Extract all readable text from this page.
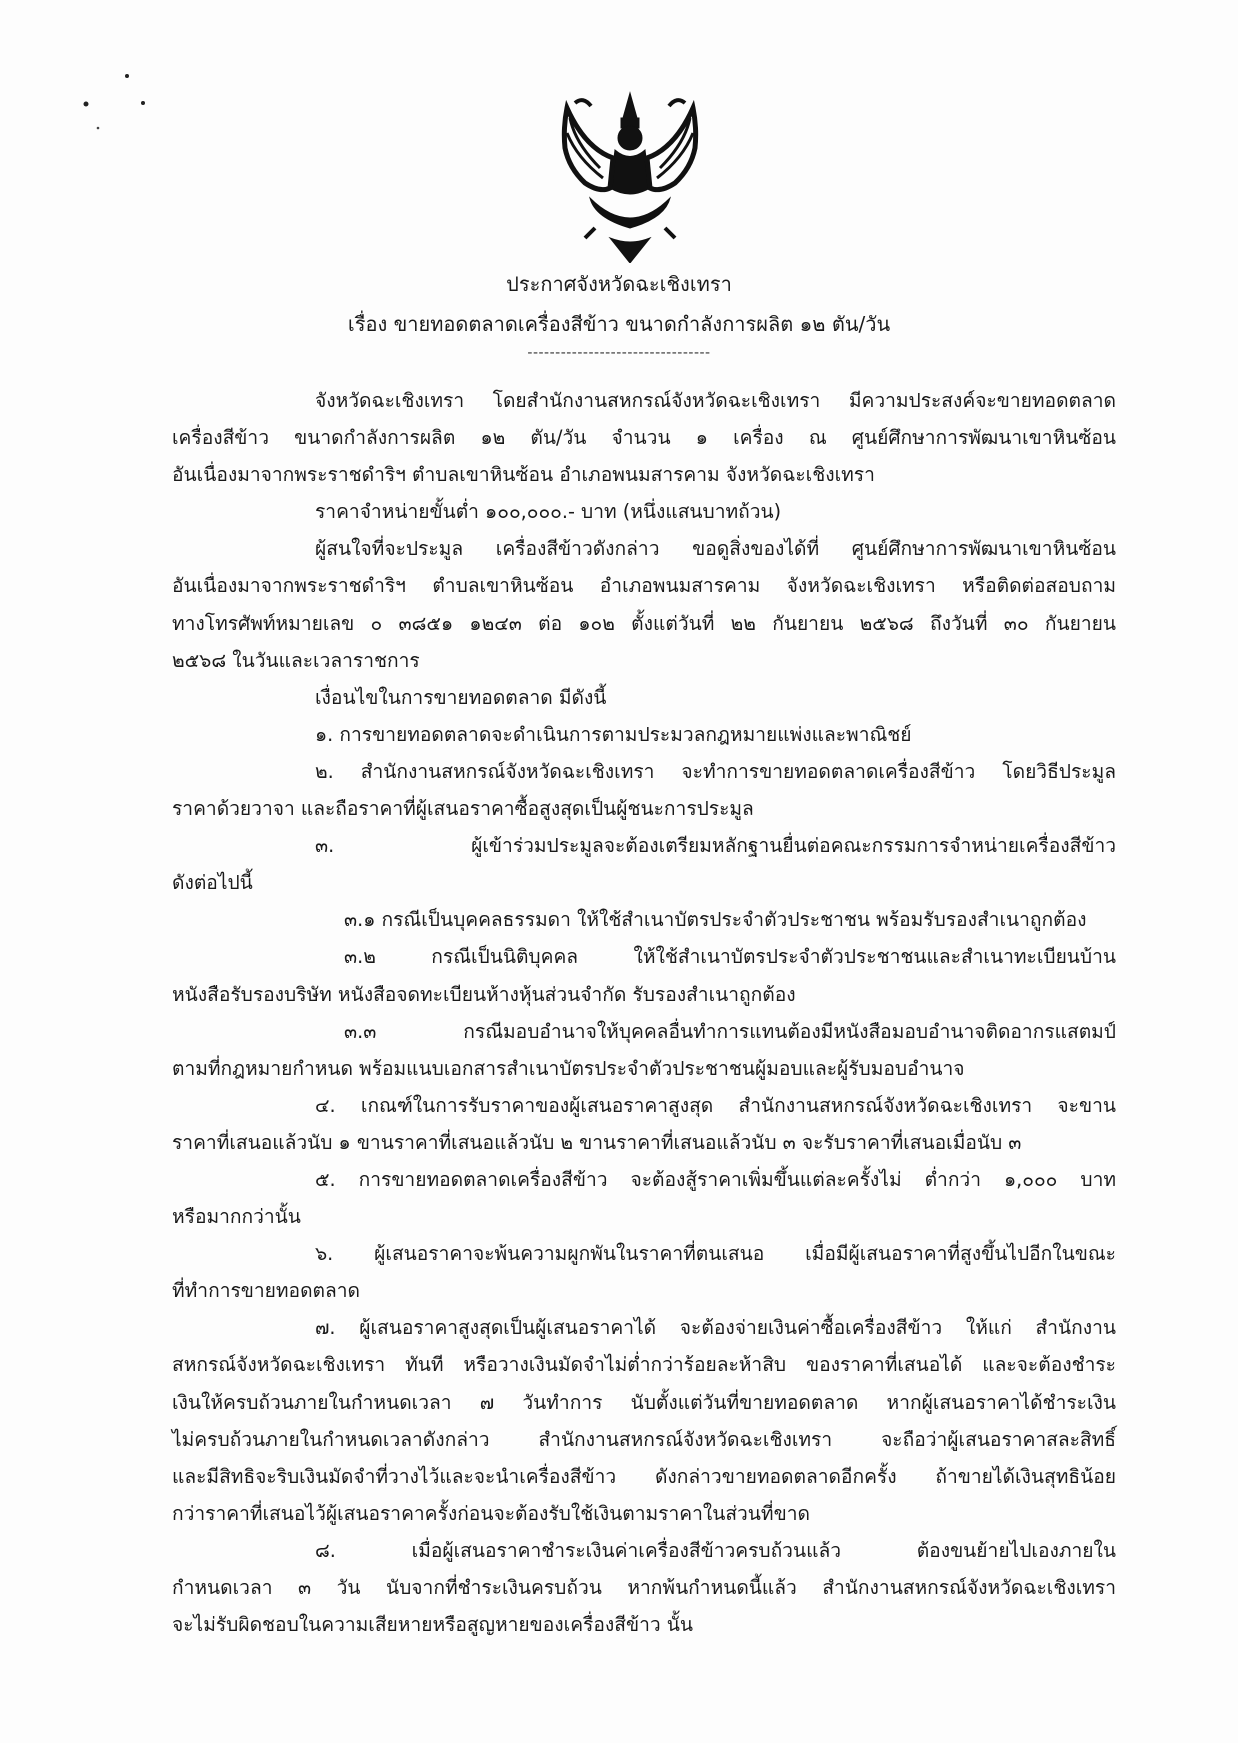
ประกาศจังหวัดฉะเชิงเทรา
เรื่อง ขายทอดตลาดเครื่องสีข้าว ขนาดกำลังการผลิต ๑๒ ตัน/วัน
---------------------------------
จังหวัดฉะเชิงเทรา โดยสำนักงานสหกรณ์จังหวัดฉะเชิงเทรา มีความประสงค์จะขายทอดตลาด
เครื่องสีข้าว ขนาดกำลังการผลิต ๑๒ ตัน/วัน จำนวน ๑ เครื่อง ณ ศูนย์ศึกษาการพัฒนาเขาหินซ้อน
อันเนื่องมาจากพระราชดำริฯ ตำบลเขาหินซ้อน อำเภอพนมสารคาม จังหวัดฉะเชิงเทรา
ราคาจำหน่ายขั้นต่ำ ๑๐๐,๐๐๐.- บาท (หนึ่งแสนบาทถ้วน)
ผู้สนใจที่จะประมูล เครื่องสีข้าวดังกล่าว ขอดูสิ่งของได้ที่ ศูนย์ศึกษาการพัฒนาเขาหินซ้อน
อันเนื่องมาจากพระราชดำริฯ ตำบลเขาหินซ้อน อำเภอพนมสารคาม จังหวัดฉะเชิงเทรา หรือติดต่อสอบถาม
ทางโทรศัพท์หมายเลข ๐ ๓๘๕๑ ๑๒๔๓ ต่อ ๑๐๒ ตั้งแต่วันที่ ๒๒ กันยายน ๒๕๖๘ ถึงวันที่ ๓๐ กันยายน
๒๕๖๘ ในวันและเวลาราชการ
เงื่อนไขในการขายทอดตลาด มีดังนี้
๑. การขายทอดตลาดจะดำเนินการตามประมวลกฎหมายแพ่งและพาณิชย์
๒. สำนักงานสหกรณ์จังหวัดฉะเชิงเทรา จะทำการขายทอดตลาดเครื่องสีข้าว โดยวิธีประมูล
ราคาด้วยวาจา และถือราคาที่ผู้เสนอราคาซื้อสูงสุดเป็นผู้ชนะการประมูล
๓. ผู้เข้าร่วมประมูลจะต้องเตรียมหลักฐานยื่นต่อคณะกรรมการจำหน่ายเครื่องสีข้าว
ดังต่อไปนี้
๓.๑ กรณีเป็นบุคคลธรรมดา ให้ใช้สำเนาบัตรประจำตัวประชาชน พร้อมรับรองสำเนาถูกต้อง
๓.๒ กรณีเป็นนิติบุคคล ให้ใช้สำเนาบัตรประจำตัวประชาชนและสำเนาทะเบียนบ้าน
หนังสือรับรองบริษัท หนังสือจดทะเบียนห้างหุ้นส่วนจำกัด รับรองสำเนาถูกต้อง
๓.๓ กรณีมอบอำนาจให้บุคคลอื่นทำการแทนต้องมีหนังสือมอบอำนาจติดอากรแสตมป์
ตามที่กฎหมายกำหนด พร้อมแนบเอกสารสำเนาบัตรประจำตัวประชาชนผู้มอบและผู้รับมอบอำนาจ
๔. เกณฑ์ในการรับราคาของผู้เสนอราคาสูงสุด สำนักงานสหกรณ์จังหวัดฉะเชิงเทรา จะขาน
ราคาที่เสนอแล้วนับ ๑ ขานราคาที่เสนอแล้วนับ ๒ ขานราคาที่เสนอแล้วนับ ๓ จะรับราคาที่เสนอเมื่อนับ ๓
๕. การขายทอดตลาดเครื่องสีข้าว จะต้องสู้ราคาเพิ่มขึ้นแต่ละครั้งไม่ ต่ำกว่า ๑,๐๐๐ บาท
หรือมากกว่านั้น
๖. ผู้เสนอราคาจะพ้นความผูกพันในราคาที่ตนเสนอ เมื่อมีผู้เสนอราคาที่สูงขึ้นไปอีกในขณะ
ที่ทำการขายทอดตลาด
๗. ผู้เสนอราคาสูงสุดเป็นผู้เสนอราคาได้ จะต้องจ่ายเงินค่าซื้อเครื่องสีข้าว ให้แก่ สำนักงาน
สหกรณ์จังหวัดฉะเชิงเทรา ทันที หรือวางเงินมัดจำไม่ต่ำกว่าร้อยละห้าสิบ ของราคาที่เสนอได้ และจะต้องชำระ
เงินให้ครบถ้วนภายในกำหนดเวลา ๗ วันทำการ นับตั้งแต่วันที่ขายทอดตลาด หากผู้เสนอราคาได้ชำระเงิน
ไม่ครบถ้วนภายในกำหนดเวลาดังกล่าว สำนักงานสหกรณ์จังหวัดฉะเชิงเทรา จะถือว่าผู้เสนอราคาสละสิทธิ์
และมีสิทธิจะริบเงินมัดจำที่วางไว้และจะนำเครื่องสีข้าว ดังกล่าวขายทอดตลาดอีกครั้ง ถ้าขายได้เงินสุทธิน้อย
กว่าราคาที่เสนอไว้ผู้เสนอราคาครั้งก่อนจะต้องรับใช้เงินตามราคาในส่วนที่ขาด
๘. เมื่อผู้เสนอราคาชำระเงินค่าเครื่องสีข้าวครบถ้วนแล้ว ต้องขนย้ายไปเองภายใน
กำหนดเวลา ๓ วัน นับจากที่ชำระเงินครบถ้วน หากพ้นกำหนดนี้แล้ว สำนักงานสหกรณ์จังหวัดฉะเชิงเทรา
จะไม่รับผิดชอบในความเสียหายหรือสูญหายของเครื่องสีข้าว นั้น
